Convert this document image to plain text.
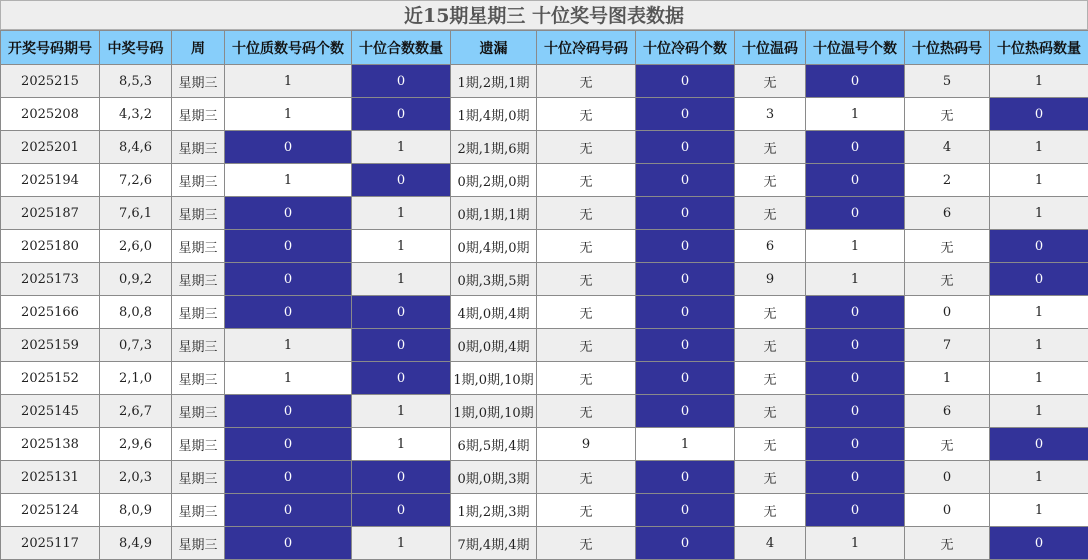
近15期星期三 十位奖号图表数据
开奖号码期号	中奖号码	周	十位质数号码个数	十位合数数量	遗漏	十位冷码号码	十位冷码个数	十位温码	十位温号个数	十位热码号	十位热码数量
2025215	8,5,3	星期三	1	0	1期,2期,1期	无	0	无	0	5	1
2025208	4,3,2	星期三	1	0	1期,4期,0期	无	0	3	1	无	0
2025201	8,4,6	星期三	0	1	2期,1期,6期	无	0	无	0	4	1
2025194	7,2,6	星期三	1	0	0期,2期,0期	无	0	无	0	2	1
2025187	7,6,1	星期三	0	1	0期,1期,1期	无	0	无	0	6	1
2025180	2,6,0	星期三	0	1	0期,4期,0期	无	0	6	1	无	0
2025173	0,9,2	星期三	0	1	0期,3期,5期	无	0	9	1	无	0
2025166	8,0,8	星期三	0	0	4期,0期,4期	无	0	无	0	0	1
2025159	0,7,3	星期三	1	0	0期,0期,4期	无	0	无	0	7	1
2025152	2,1,0	星期三	1	0	1期,0期,10期	无	0	无	0	1	1
2025145	2,6,7	星期三	0	1	1期,0期,10期	无	0	无	0	6	1
2025138	2,9,6	星期三	0	1	6期,5期,4期	9	1	无	0	无	0
2025131	2,0,3	星期三	0	0	0期,0期,3期	无	0	无	0	0	1
2025124	8,0,9	星期三	0	0	1期,2期,3期	无	0	无	0	0	1
2025117	8,4,9	星期三	0	1	7期,4期,4期	无	0	4	1	无	0
